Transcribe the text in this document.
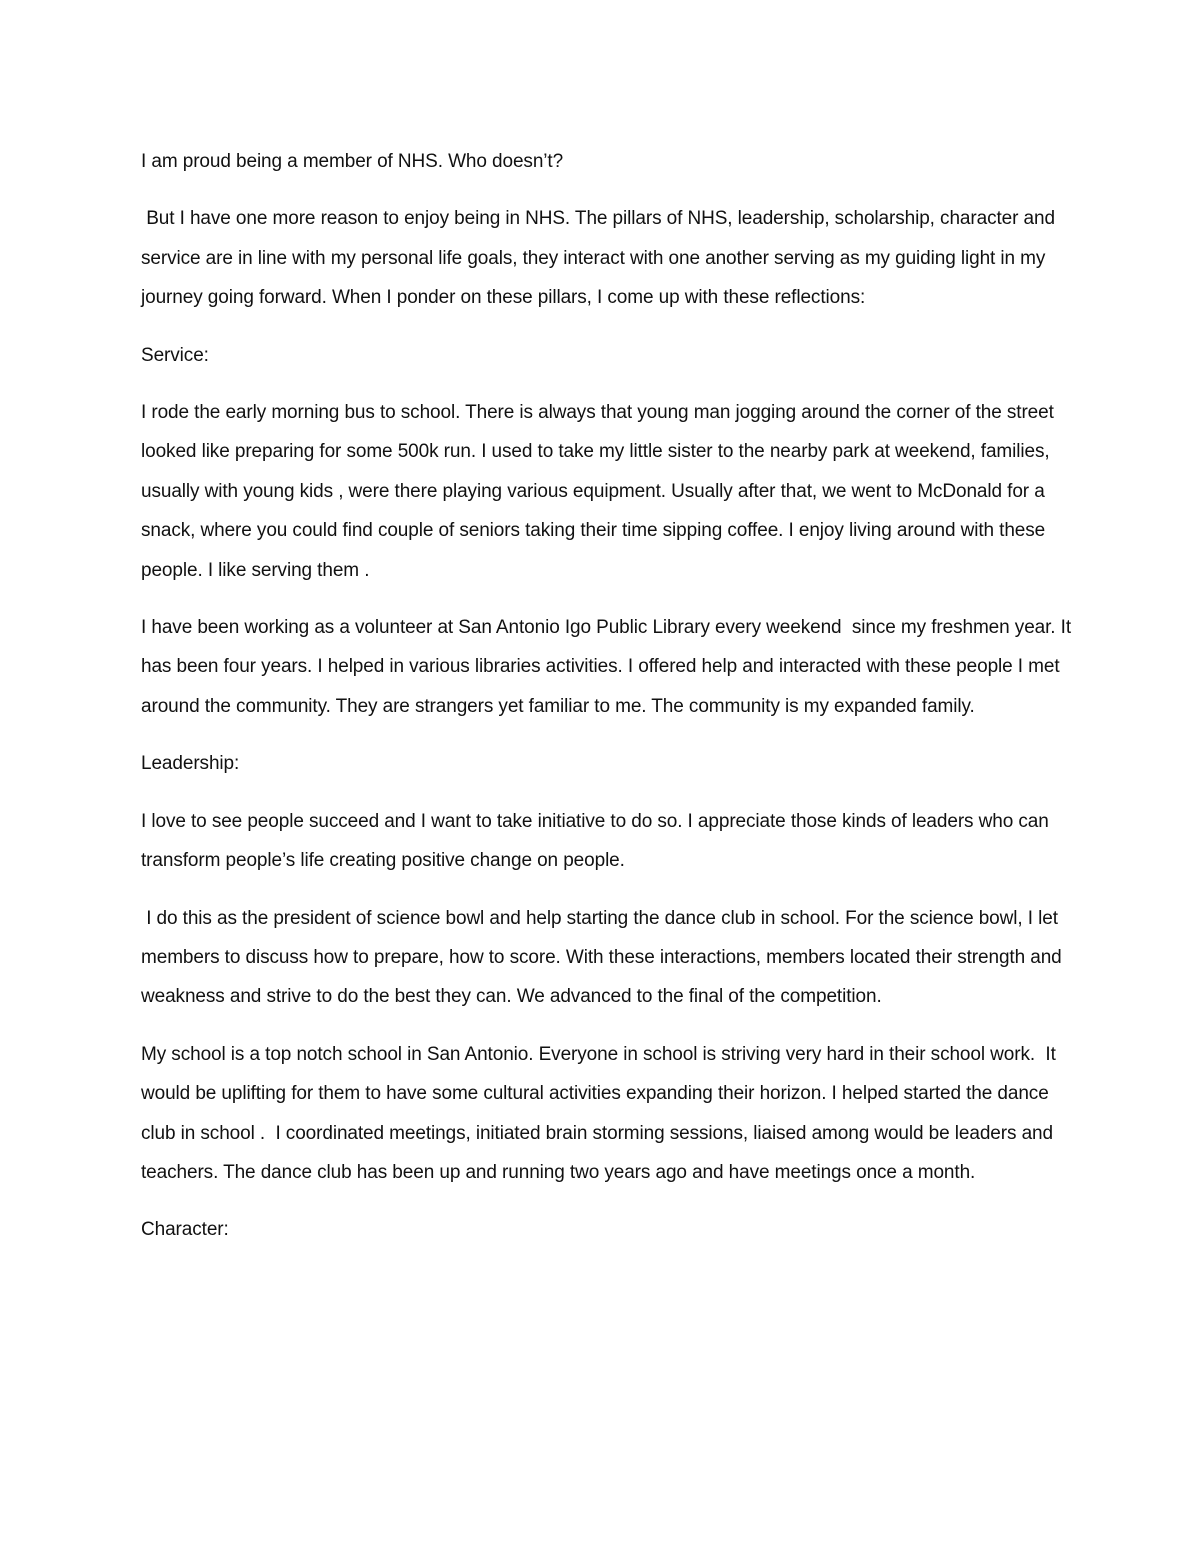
I am proud being a member of NHS. Who doesn’t?

But I have one more reason to enjoy being in NHS. The pillars of NHS, leadership, scholarship, character and service are in line with my personal life goals, they interact with one another serving as my guiding light in my journey going forward. When I ponder on these pillars, I come up with these reflections:

Service:

I rode the early morning bus to school. There is always that young man jogging around the corner of the street looked like preparing for some 500k run. I used to take my little sister to the nearby park at weekend, families, usually with young kids , were there playing various equipment. Usually after that, we went to McDonald for a snack, where you could find couple of seniors taking their time sipping coffee. I enjoy living around with these people. I like serving them .

I have been working as a volunteer at San Antonio Igo Public Library every weekend  since my freshmen year. It has been four years. I helped in various libraries activities. I offered help and interacted with these people I met around the community. They are strangers yet familiar to me. The community is my expanded family.

Leadership:

I love to see people succeed and I want to take initiative to do so. I appreciate those kinds of leaders who can transform people’s life creating positive change on people.

I do this as the president of science bowl and help starting the dance club in school. For the science bowl, I let members to discuss how to prepare, how to score. With these interactions, members located their strength and weakness and strive to do the best they can. We advanced to the final of the competition.

My school is a top notch school in San Antonio. Everyone in school is striving very hard in their school work.  It would be uplifting for them to have some cultural activities expanding their horizon. I helped started the dance club in school .  I coordinated meetings, initiated brain storming sessions, liaised among would be leaders and teachers. The dance club has been up and running two years ago and have meetings once a month.

Character:
